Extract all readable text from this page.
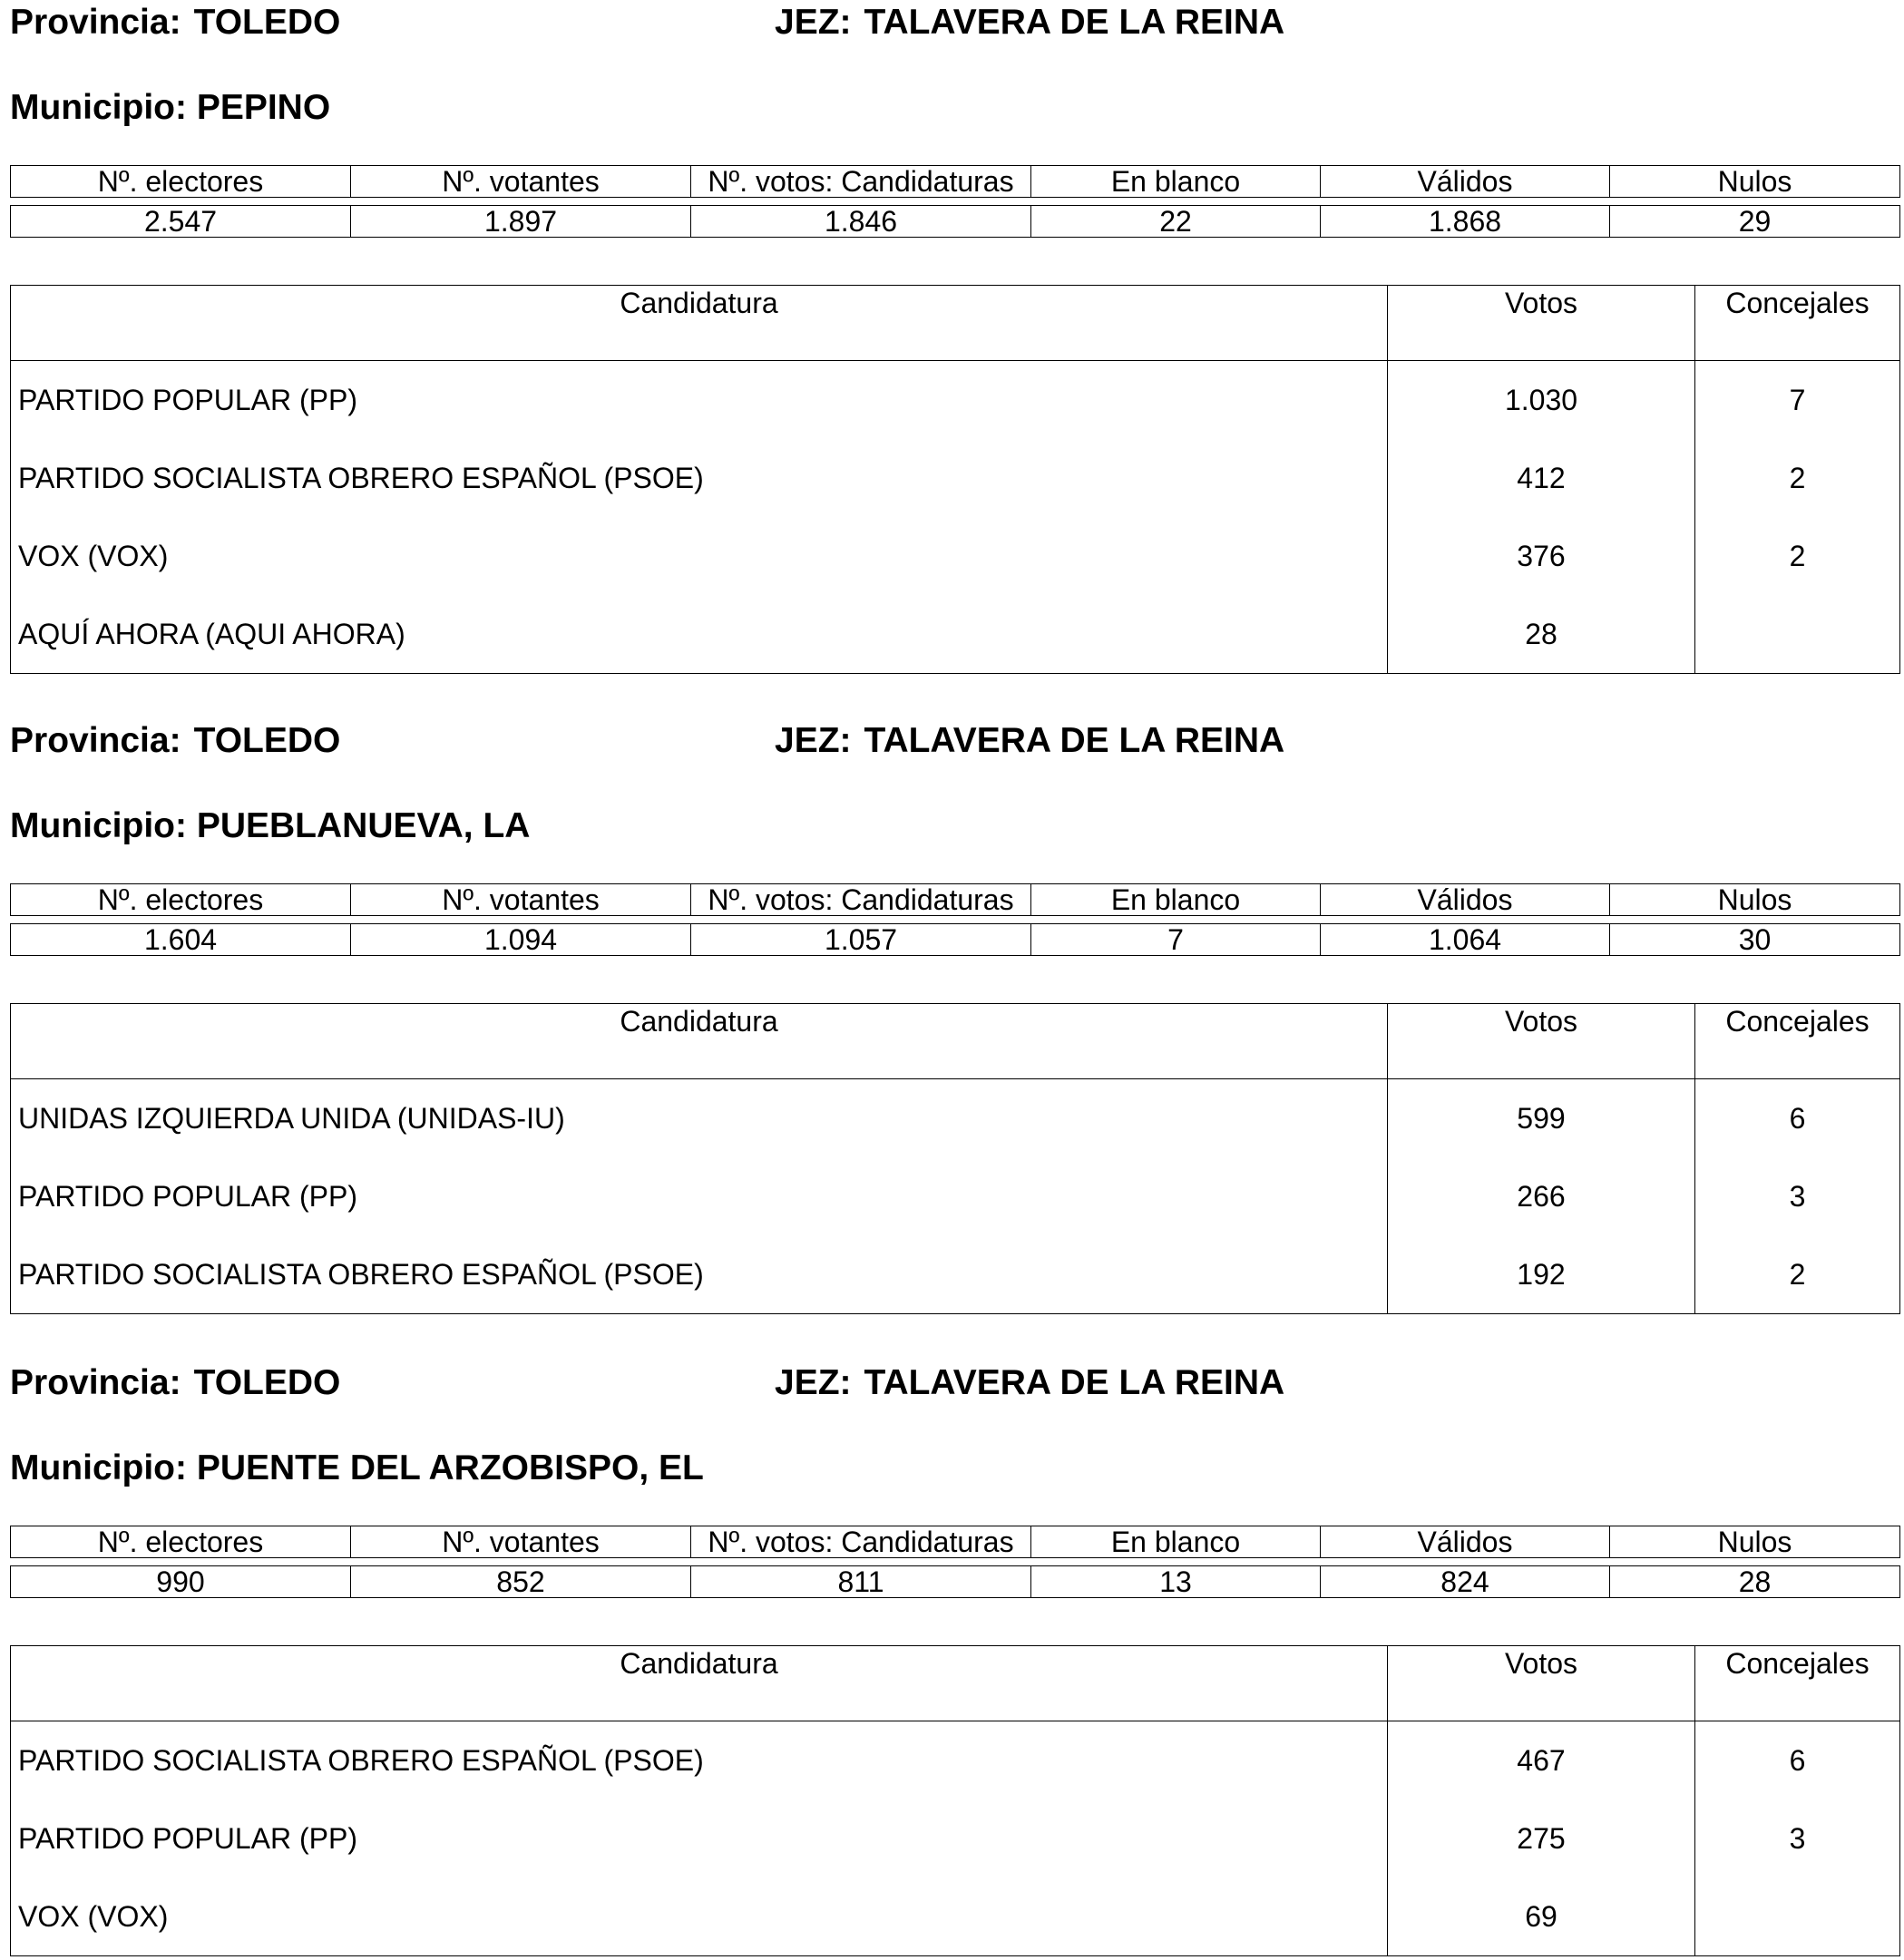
Provincia: TOLEDO	JEZ: TALAVERA DE LA REINA
Municipio: PEPINO
Nº. electores	Nº. votantes	Nº. votos: Candidaturas	En blanco	Válidos	Nulos
2.547	1.897	1.846	22	1.868	29
Candidatura	Votos	Concejales
PARTIDO POPULAR (PP)	1.030	7
PARTIDO SOCIALISTA OBRERO ESPAÑOL (PSOE)	412	2
VOX (VOX)	376	2
AQUÍ AHORA (AQUI AHORA)	28	
Provincia: TOLEDO	JEZ: TALAVERA DE LA REINA
Municipio: PUEBLANUEVA, LA
Nº. electores	Nº. votantes	Nº. votos: Candidaturas	En blanco	Válidos	Nulos
1.604	1.094	1.057	7	1.064	30
Candidatura	Votos	Concejales
UNIDAS IZQUIERDA UNIDA (UNIDAS-IU)	599	6
PARTIDO POPULAR (PP)	266	3
PARTIDO SOCIALISTA OBRERO ESPAÑOL (PSOE)	192	2
Provincia: TOLEDO	JEZ: TALAVERA DE LA REINA
Municipio: PUENTE DEL ARZOBISPO, EL
Nº. electores	Nº. votantes	Nº. votos: Candidaturas	En blanco	Válidos	Nulos
990	852	811	13	824	28
Candidatura	Votos	Concejales
PARTIDO SOCIALISTA OBRERO ESPAÑOL (PSOE)	467	6
PARTIDO POPULAR (PP)	275	3
VOX (VOX)	69	
